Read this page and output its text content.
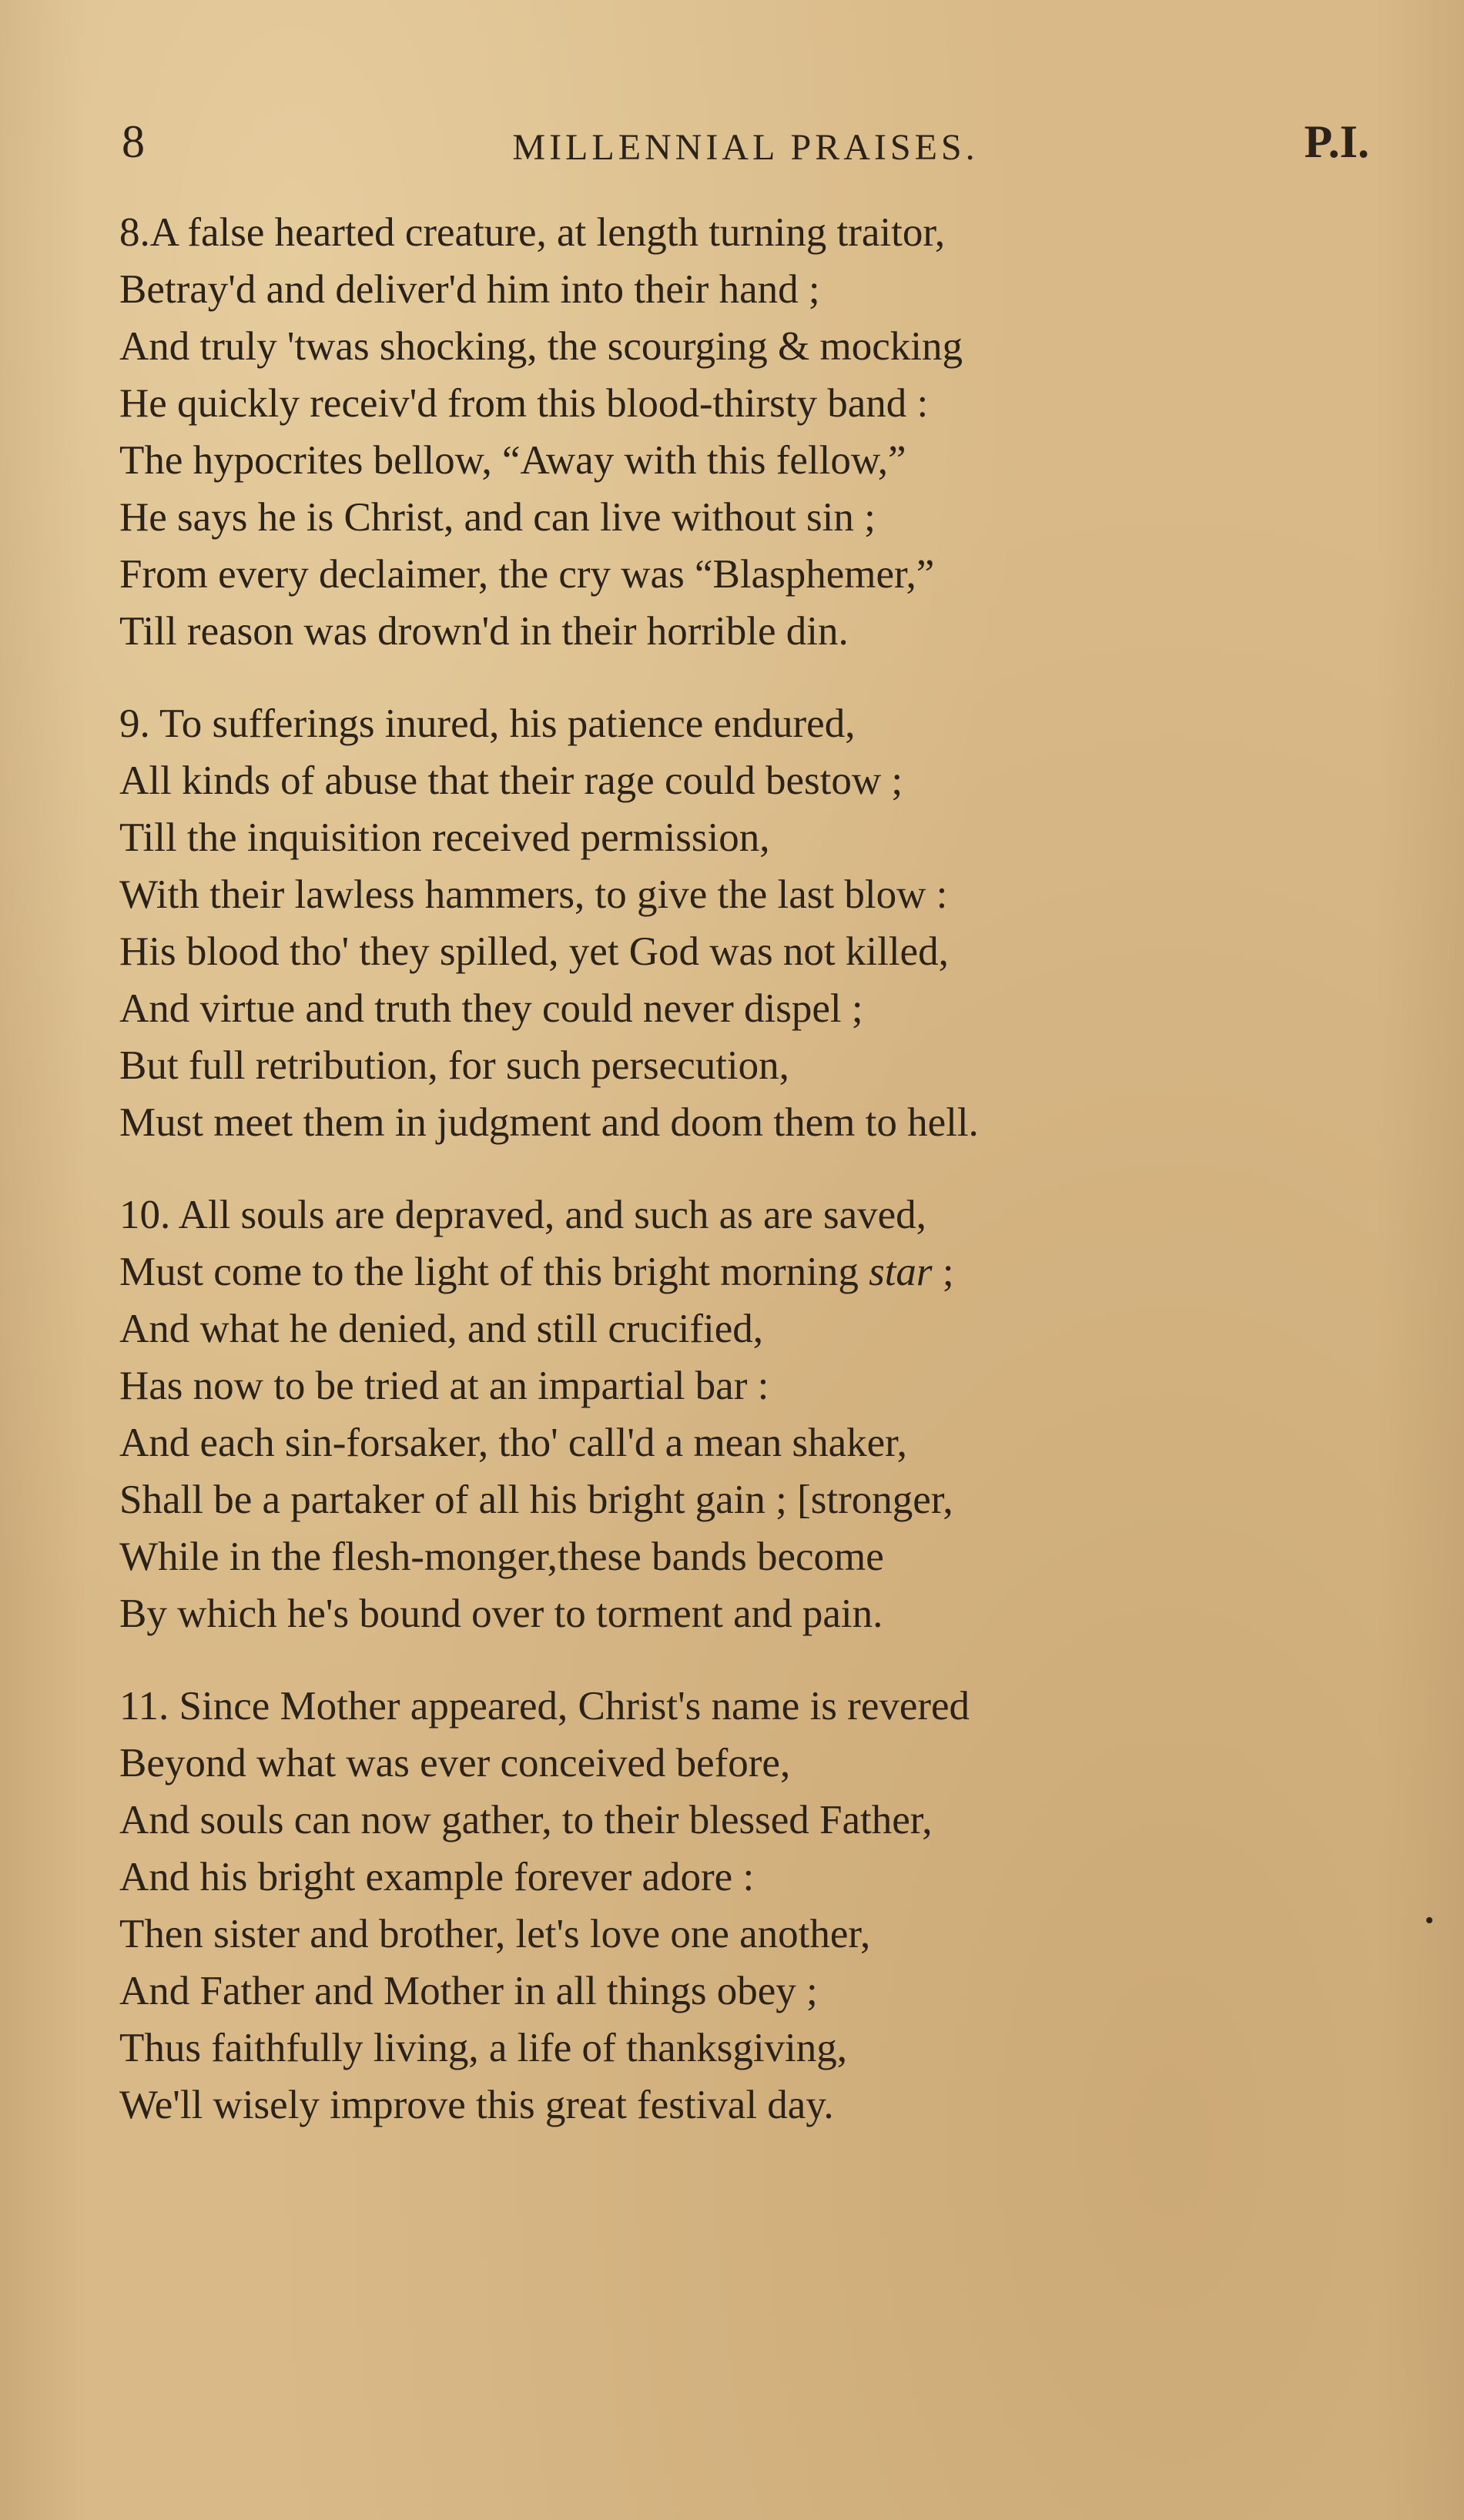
8	MILLENNIAL PRAISES.	P.I.
8.A false hearted creature, at length turning traitor,
Betray'd and deliver'd him into their hand ;
And truly 'twas shocking, the scourging & mocking
He quickly receiv'd from this blood-thirsty band :
The hypocrites bellow, “Away with this fellow,”
He says he is Christ, and can live without sin ;
From every declaimer, the cry was “Blasphemer,”
Till reason was drown'd in their horrible din.
9. To sufferings inured, his patience endured,
All kinds of abuse that their rage could bestow ;
Till the inquisition received permission,
With their lawless hammers, to give the last blow :
His blood tho' they spilled, yet God was not killed,
And virtue and truth they could never dispel ;
But full retribution, for such persecution,
Must meet them in judgment and doom them to hell.
10. All souls are depraved, and such as are saved,
Must come to the light of this bright morning star ;
And what he denied, and still crucified,
Has now to be tried at an impartial bar :
And each sin-forsaker, tho' call'd a mean shaker,
Shall be a partaker of all his bright gain ; [stronger,
While in the flesh-monger,these bands become
By which he's bound over to torment and pain.
11. Since Mother appeared, Christ's name is revered
Beyond what was ever conceived before,
And souls can now gather, to their blessed Father,
And his bright example forever adore :
Then sister and brother, let's love one another,
And Father and Mother in all things obey ;
Thus faithfully living, a life of thanksgiving,
We'll wisely improve this great festival day.
